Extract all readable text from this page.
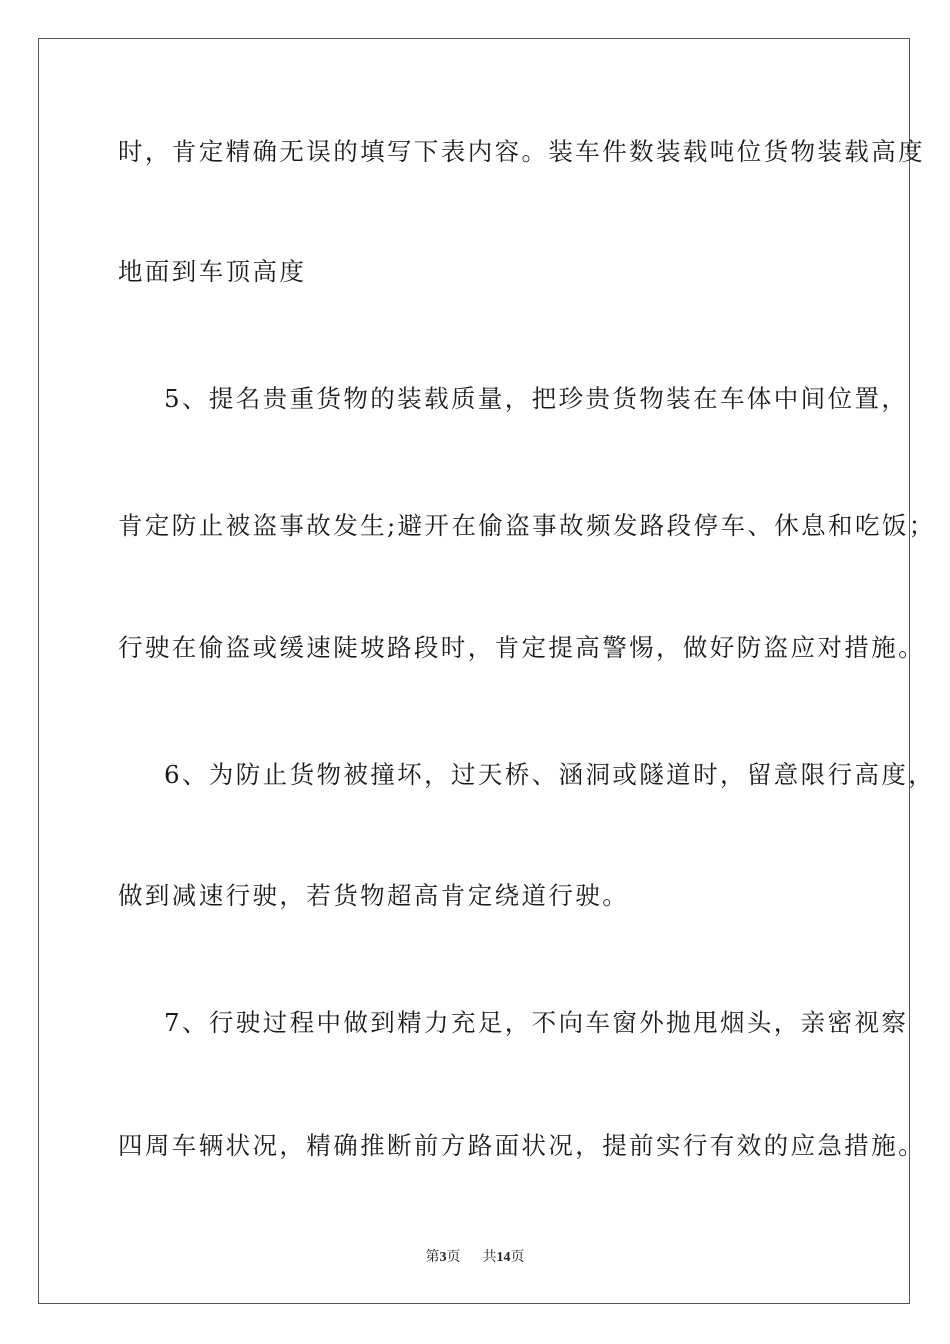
时，肯定精确无误的填写下表内容。装车件数装载吨位货物装载高度
地面到车顶高度
5、提名贵重货物的装载质量，把珍贵货物装在车体中间位置，
肯定防止被盗事故发生;避开在偷盗事故频发路段停车、休息和吃饭；
行驶在偷盗或缓速陡坡路段时，肯定提高警惕，做好防盗应对措施。
6、为防止货物被撞坏，过天桥、涵洞或隧道时，留意限行高度，
做到减速行驶，若货物超高肯定绕道行驶。
7、行驶过程中做到精力充足，不向车窗外抛甩烟头，亲密视察
四周车辆状况，精确推断前方路面状况，提前实行有效的应急措施。
第3页 共14页
